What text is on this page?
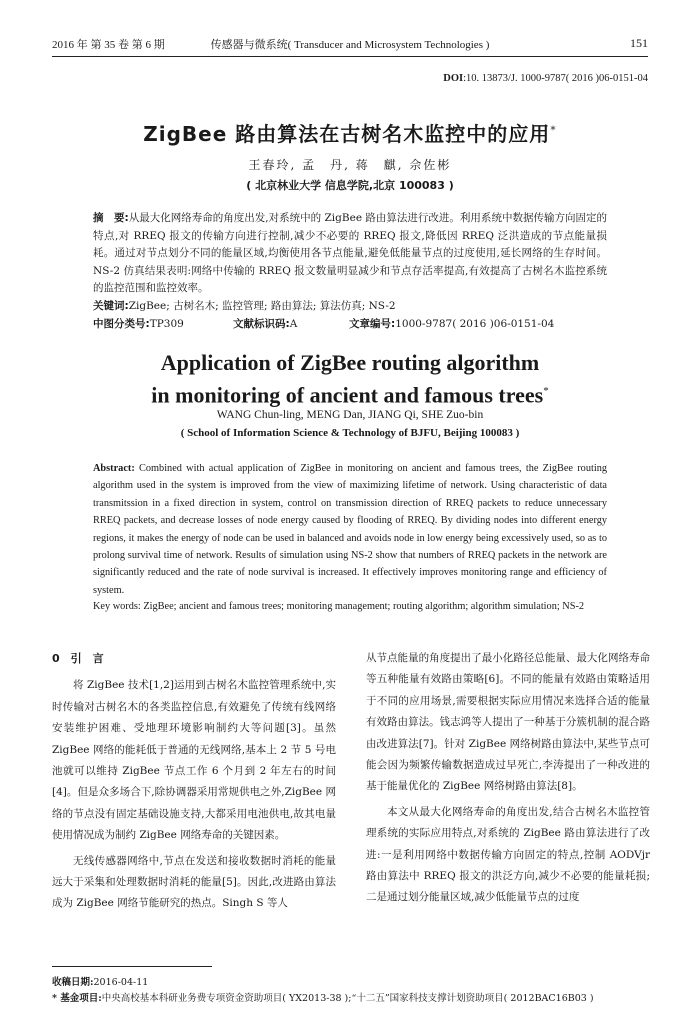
2016 年 第 35 卷 第 6 期	传感器与微系统( Transducer and Microsystem Technologies )	151
DOI:10. 13873/J. 1000-9787( 2016 )06-0151-04
ZigBee 路由算法在古树名木监控中的应用*
王春玲, 孟　丹, 蒋　麒, 佘佐彬
( 北京林业大学 信息学院,北京 100083 )
摘　要:从最大化网络寿命的角度出发,对系统中的 ZigBee 路由算法进行改进。利用系统中数据传输方向固定的特点,对 RREQ 报文的传输方向进行控制,减少不必要的 RREQ 报文,降低因 RREQ 泛洪造成的节点能量损耗。通过对节点划分不同的能量区域,均衡使用各节点能量,避免低能量节点的过度使用,延长网络的生存时间。NS-2 仿真结果表明:网络中传输的 RREQ 报文数量明显减少和节点存活率提高,有效提高了古树名木监控系统的监控范围和监控效率。
关键词:ZigBee; 古树名木; 监控管理; 路由算法; 算法仿真; NS-2
中图分类号:TP309	文献标识码:A	文章编号:1000-9787( 2016 )06-0151-04
Application of ZigBee routing algorithm
in monitoring of ancient and famous trees*
WANG Chun-ling, MENG Dan, JIANG Qi, SHE Zuo-bin
( School of Information Science & Technology of BJFU, Beijing 100083 )
Abstract: Combined with actual application of ZigBee in monitoring on ancient and famous trees, the ZigBee routing algorithm used in the system is improved from the view of maximizing lifetime of network. Using characteristic of data transmitssion in a fixed direction in system, control on transmission direction of RREQ packets to reduce unnecessary RREQ packets, and decrease losses of node energy caused by flooding of RREQ. By dividing nodes into different energy regions, it makes the energy of node can be used in balanced and avoids node in low energy being excessively used, so as to prolong survival time of network. Results of simulation using NS-2 show that numbers of RREQ packets in the network are significantly reduced and the rate of node survival is increased. It effectively improves monitoring range and efficiency of system.
Key words: ZigBee; ancient and famous trees; monitoring management; routing algorithm; algorithm simulation; NS-2
0　引　言

将 ZigBee 技术[1,2]运用到古树名木监控管理系统中,实时传输对古树名木的各类监控信息,有效避免了传统有线网络安装维护困难、受地理环境影响制约大等问题[3]。虽然 ZigBee 网络的能耗低于普通的无线网络,基本上 2 节 5 号电池就可以维持 ZigBee 节点工作 6 个月到 2 年左右的时间[4]。但是众多场合下,除协调器采用常规供电之外,ZigBee 网络的节点没有固定基础设施支持,大都采用电池供电,故其电量使用情况成为制约 ZigBee 网络寿命的关键因素。

无线传感器网络中,节点在发送和接收数据时消耗的能量远大于采集和处理数据时消耗的能量[5]。因此,改进路由算法成为 ZigBee 网络节能研究的热点。Singh S 等人

从节点能量的角度提出了最小化路径总能量、最大化网络寿命等五种能量有效路由策略[6]。不同的能量有效路由策略适用于不同的应用场景,需要根据实际应用情况来选择合适的能量有效路由算法。钱志鸿等人提出了一种基于分簇机制的混合路由改进算法[7]。针对 ZigBee 网络树路由算法中,某些节点可能会因为频繁传输数据造成过早死亡,李涛提出了一种改进的基于能量优化的 ZigBee 网络树路由算法[8]。

本文从最大化网络寿命的角度出发,结合古树名木监控管理系统的实际应用特点,对系统的 ZigBee 路由算法进行了改进:一是利用网络中数据传输方向固定的特点,控制 AODVjr 路由算法中 RREQ 报文的洪泛方向,减少不必要的能量耗损;二是通过划分能量区域,减少低能量节点的过度

收稿日期:2016-04-11
* 基金项目:中央高校基本科研业务费专项资金资助项目( YX2013-38 );“十二五”国家科技支撑计划资助项目( 2012BAC16B03 )
